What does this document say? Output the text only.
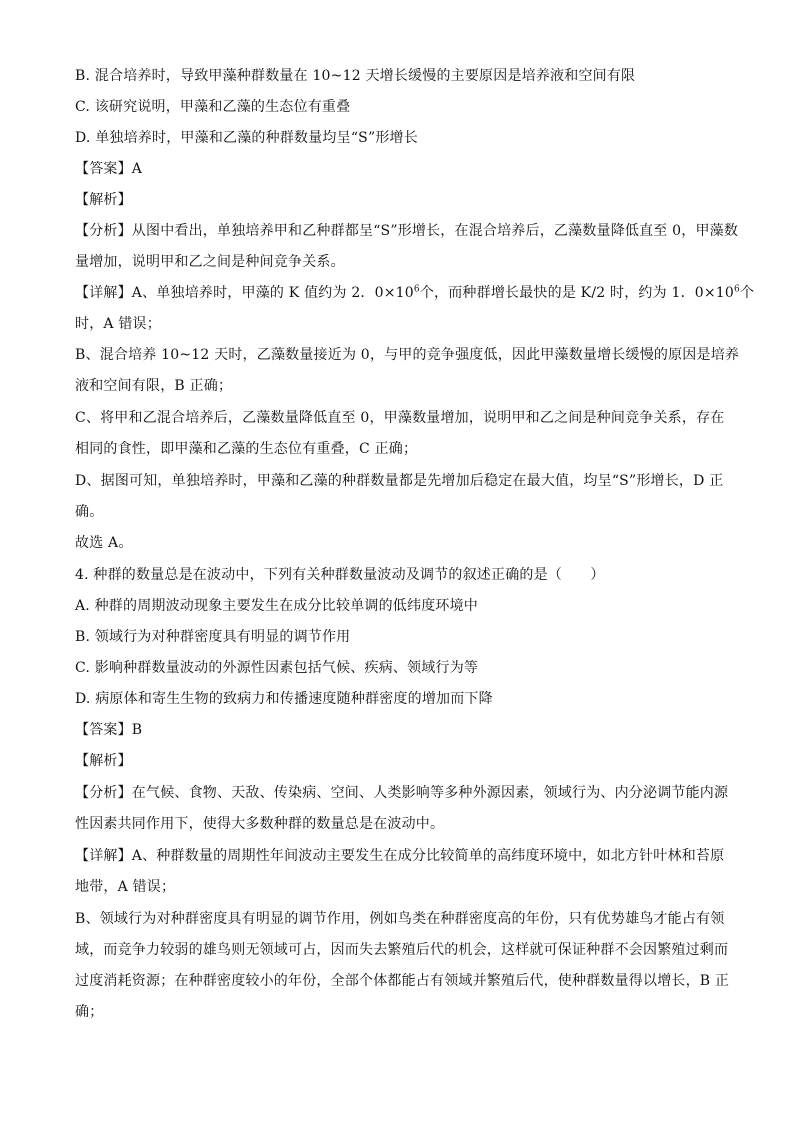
B. 混合培养时，导致甲藻种群数量在 10~12 天增长缓慢的主要原因是培养液和空间有限
C. 该研究说明，甲藻和乙藻的生态位有重叠
D. 单独培养时，甲藻和乙藻的种群数量均呈“S”形增长
【答案】A
【解析】
【分析】从图中看出，单独培养甲和乙种群都呈“S”形增长，在混合培养后，乙藻数量降低直至 0，甲藻数
量增加，说明甲和乙之间是种间竞争关系。
【详解】A、单独培养时，甲藻的 K 值约为 2．$0\times 10^6$个，而种群增长最快的是 K/2 时，约为 1．$0\times 10^6$个
时，A 错误；
B、混合培养 10~12 天时，乙藻数量接近为 0，与甲的竞争强度低，因此甲藻数量增长缓慢的原因是培养
液和空间有限，B 正确；
C、将甲和乙混合培养后，乙藻数量降低直至 0，甲藻数量增加，说明甲和乙之间是种间竞争关系，存在
相同的食性，即甲藻和乙藻的生态位有重叠，C 正确；
D、据图可知，单独培养时，甲藻和乙藻的种群数量都是先增加后稳定在最大值，均呈“S”形增长，D 正
确。
故选 A。
4. 种群的数量总是在波动中，下列有关种群数量波动及调节的叙述正确的是（　　）
A. 种群的周期波动现象主要发生在成分比较单调的低纬度环境中
B. 领域行为对种群密度具有明显的调节作用
C. 影响种群数量波动的外源性因素包括气候、疾病、领域行为等
D. 病原体和寄生生物的致病力和传播速度随种群密度的增加而下降
【答案】B
【解析】
【分析】在气候、食物、天敌、传染病、空间、人类影响等多种外源因素，领域行为、内分泌调节能内源
性因素共同作用下，使得大多数种群的数量总是在波动中。
【详解】A、种群数量的周期性年间波动主要发生在成分比较简单的高纬度环境中，如北方针叶林和苔原
地带，A 错误；
B、领域行为对种群密度具有明显的调节作用，例如鸟类在种群密度高的年份，只有优势雄鸟才能占有领
域，而竞争力较弱的雄鸟则无领域可占，因而失去繁殖后代的机会，这样就可保证种群不会因繁殖过剩而
过度消耗资源；在种群密度较小的年份，全部个体都能占有领域并繁殖后代，使种群数量得以增长，B 正
确；
